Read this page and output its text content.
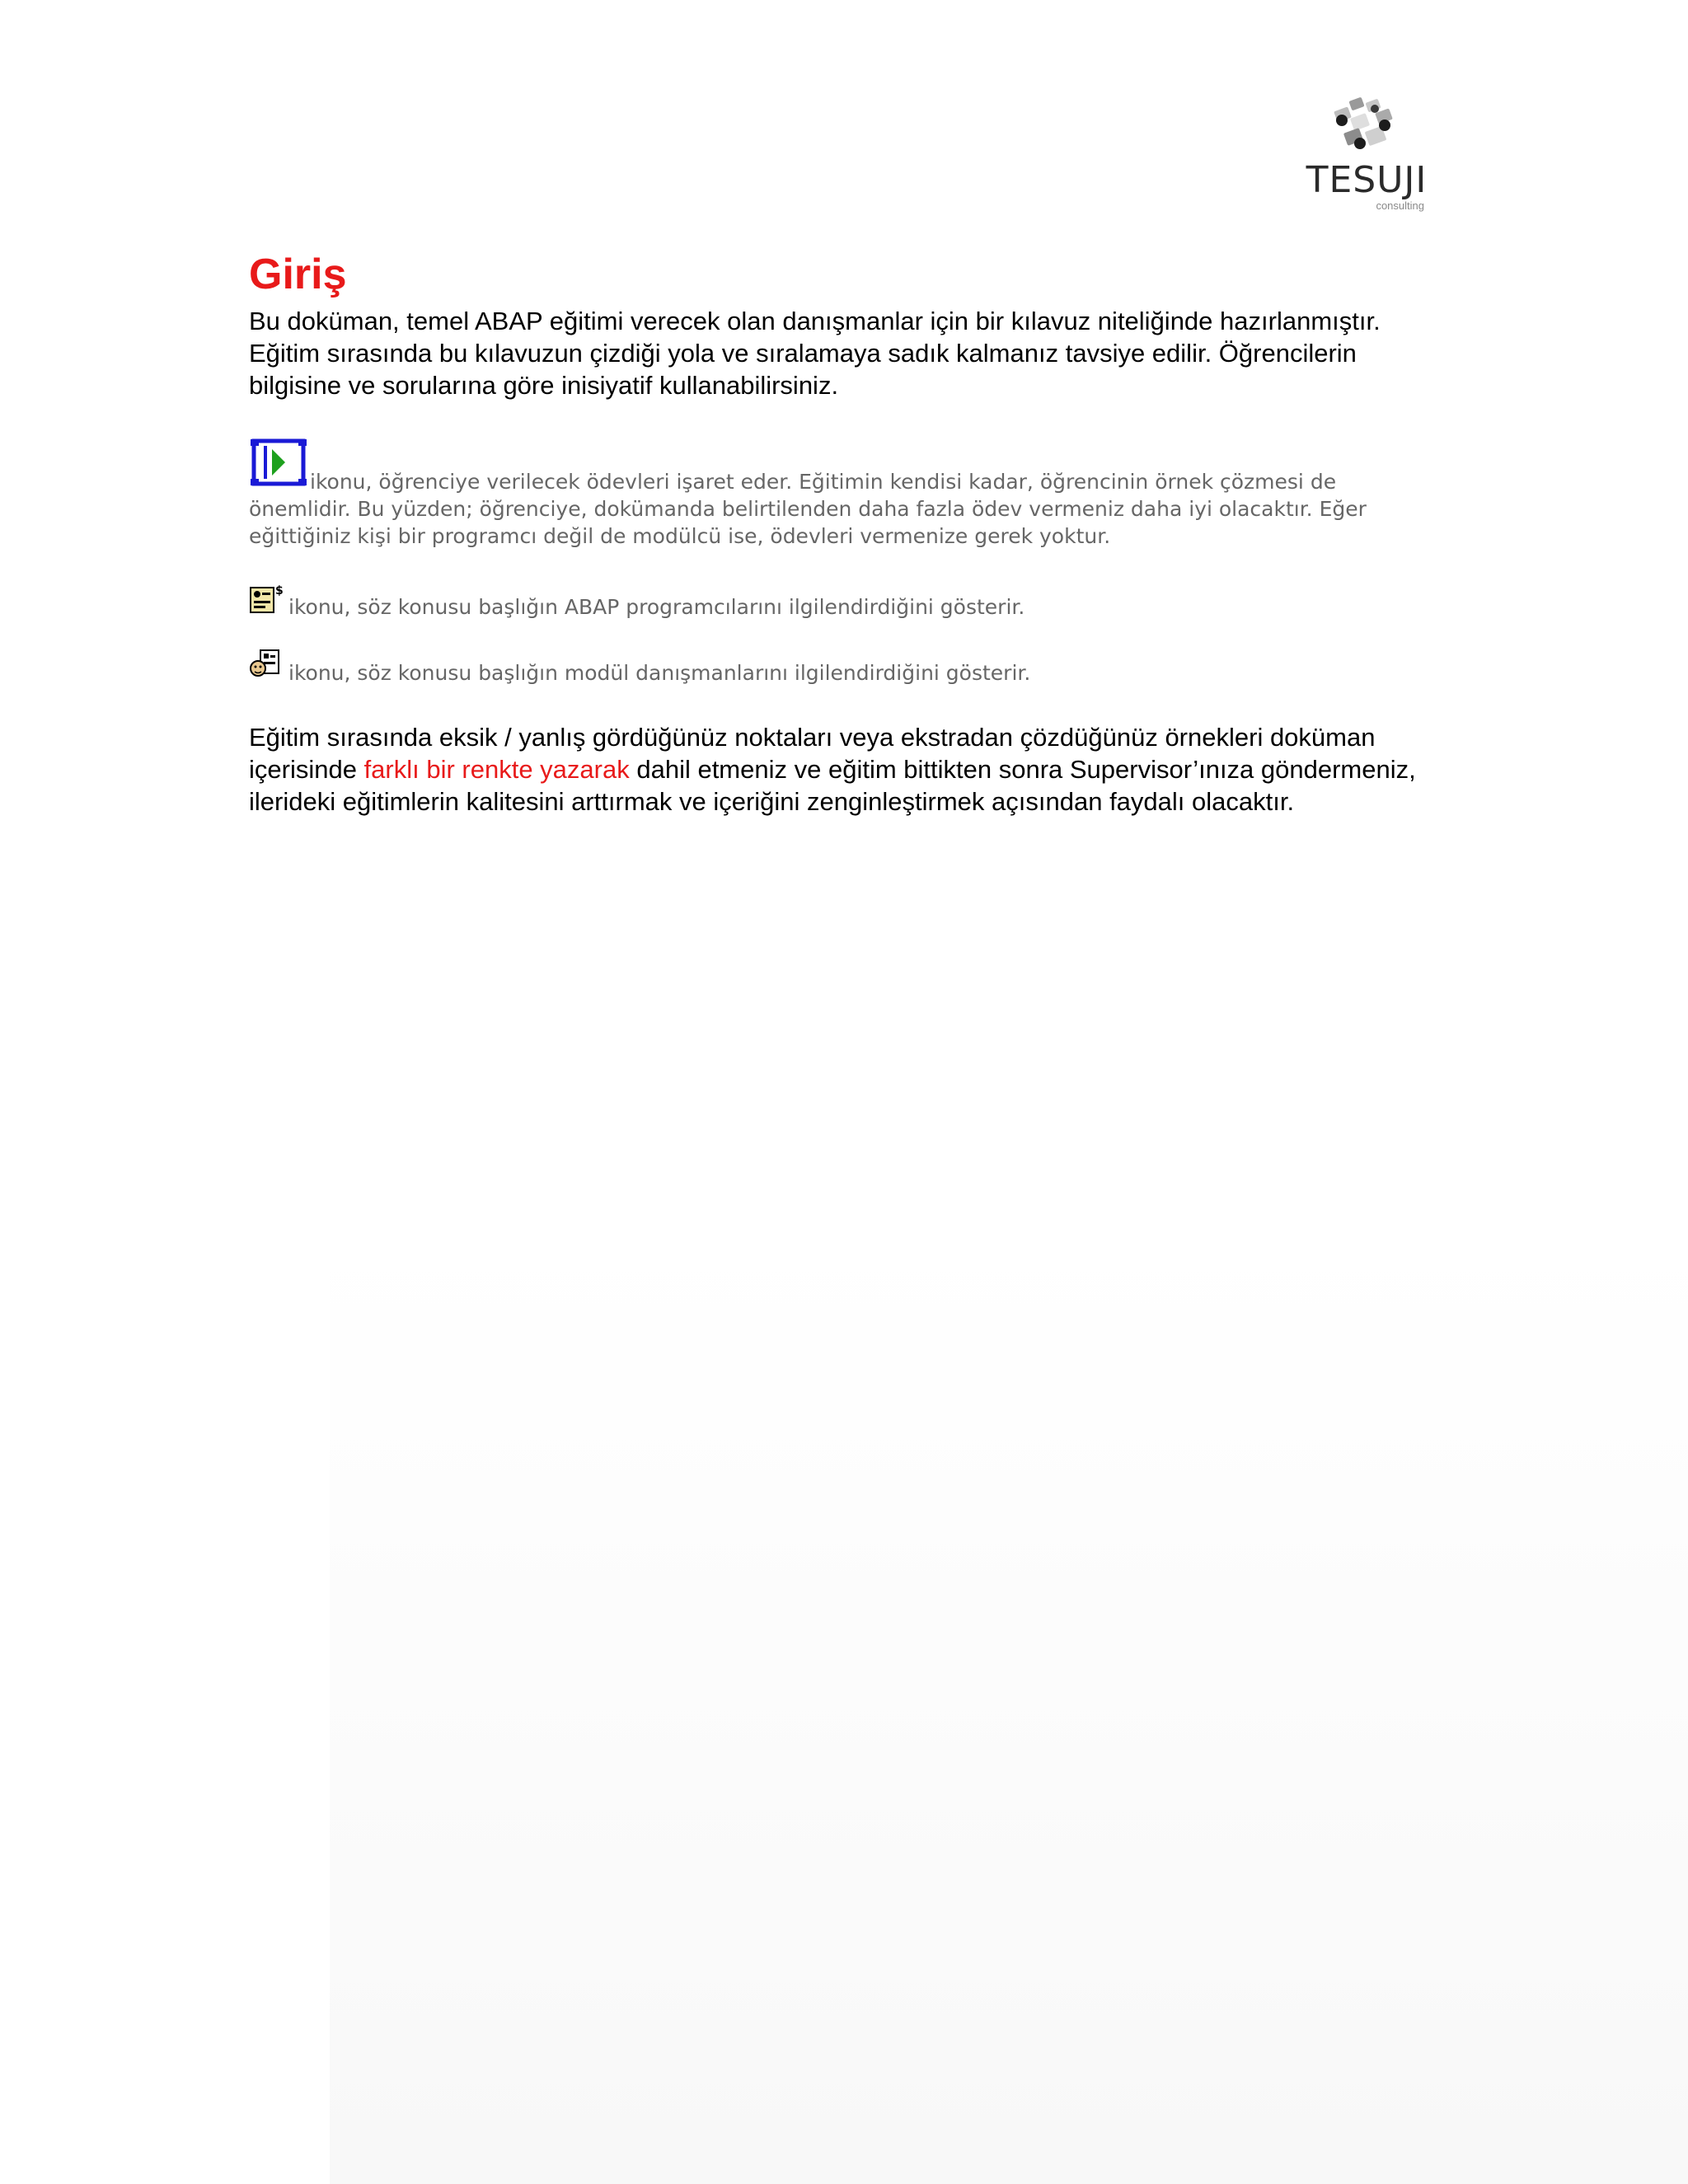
TESUJI
consulting
Giriş

Bu doküman, temel ABAP eğitimi verecek olan danışmanlar için bir kılavuz niteliğinde hazırlanmıştır. Eğitim sırasında bu kılavuzun çizdiği yola ve sıralamaya sadık kalmanız tavsiye edilir. Öğrencilerin bilgisine ve sorularına göre inisiyatif kullanabilirsiniz.

ikonu, öğrenciye verilecek ödevleri işaret eder. Eğitimin kendisi kadar, öğrencinin örnek çözmesi de önemlidir. Bu yüzden; öğrenciye, dokümanda belirtilenden daha fazla ödev vermeniz daha iyi olacaktır. Eğer eğittiğiniz kişi bir programcı değil de modülcü ise, ödevleri vermenize gerek yoktur.

$
ikonu, söz konusu başlığın ABAP programcılarını ilgilendirdiğini gösterir.

ikonu, söz konusu başlığın modül danışmanlarını ilgilendirdiğini gösterir.

Eğitim sırasında eksik / yanlış gördüğünüz noktaları veya ekstradan çözdüğünüz örnekleri doküman içerisinde farklı bir renkte yazarak dahil etmeniz ve eğitim bittikten sonra Supervisor’ınıza göndermeniz, ilerideki eğitimlerin kalitesini arttırmak ve içeriğini zenginleştirmek açısından faydalı olacaktır.
